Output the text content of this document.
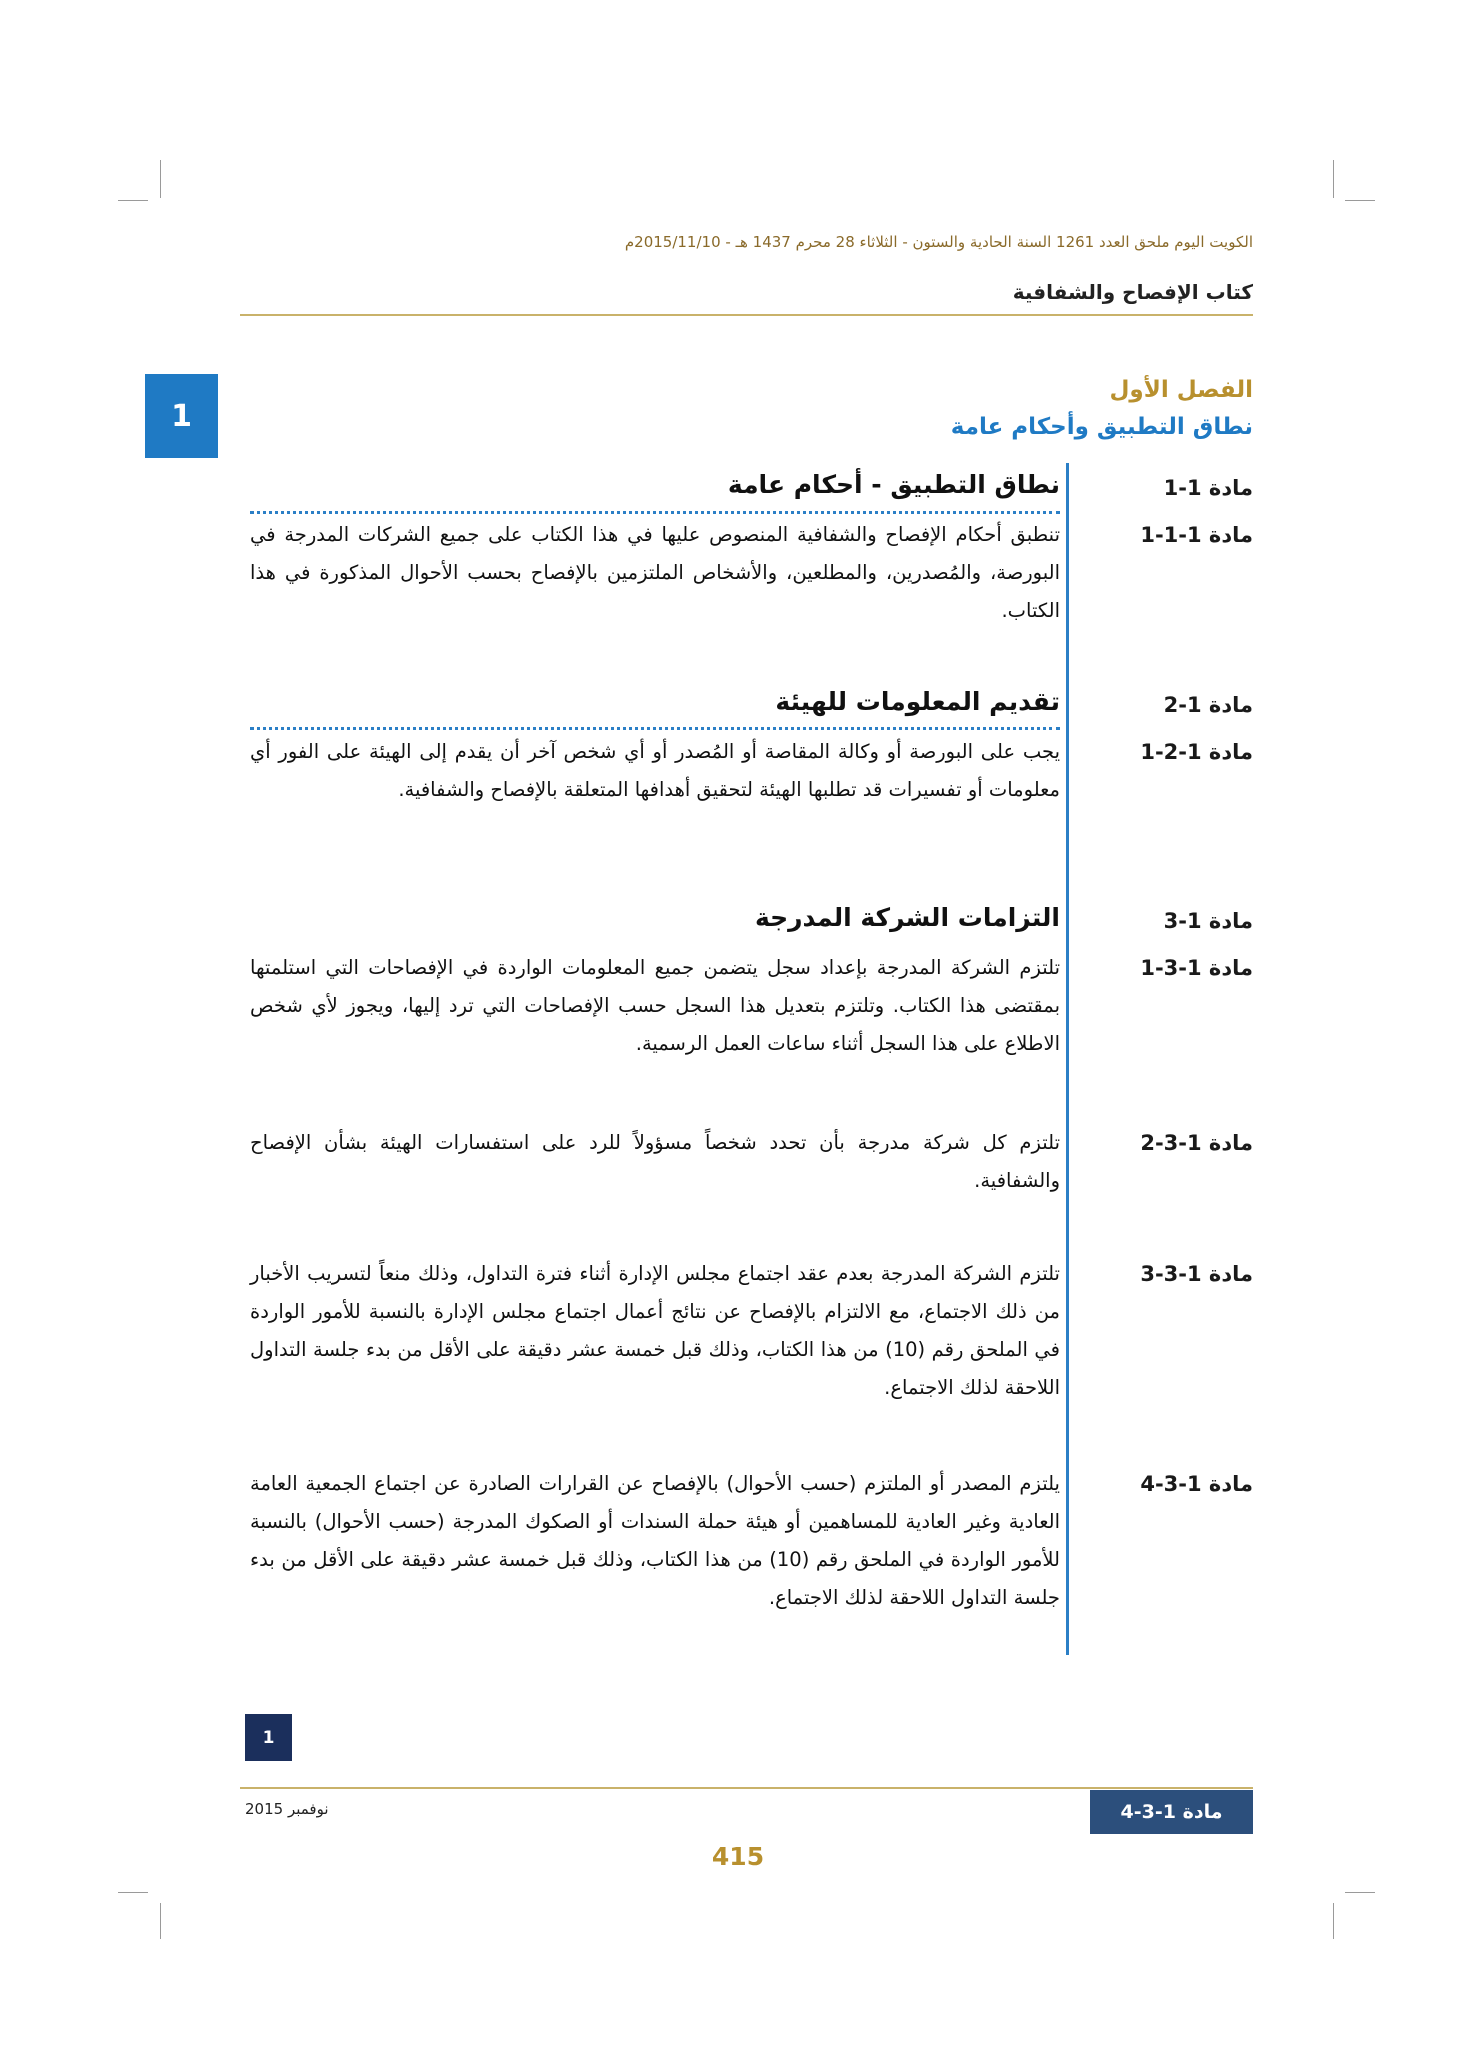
الكويت اليوم ملحق العدد 1261 السنة الحادية والستون - الثلاثاء 28 محرم 1437 هـ - 2015/11/10م
كتاب الإفصاح والشفافية
1
الفصل الأول
نطاق التطبيق وأحكام عامة
مادة 1-1
نطاق التطبيق - أحكام عامة
مادة 1-1-1
تنطبق أحكام الإفصاح والشفافية المنصوص عليها في هذا الكتاب على جميع الشركات المدرجة في البورصة، والمُصدرين، والمطلعين، والأشخاص الملتزمين بالإفصاح بحسب الأحوال المذكورة في هذا الكتاب.
مادة 1-2
تقديم المعلومات للهيئة
مادة 1-2-1
يجب على البورصة أو وكالة المقاصة أو المُصدر أو أي شخص آخر أن يقدم إلى الهيئة على الفور أي معلومات أو تفسيرات قد تطلبها الهيئة لتحقيق أهدافها المتعلقة بالإفصاح والشفافية.
مادة 1-3
التزامات الشركة المدرجة
مادة 1-3-1
تلتزم الشركة المدرجة بإعداد سجل يتضمن جميع المعلومات الواردة في الإفصاحات التي استلمتها بمقتضى هذا الكتاب. وتلتزم بتعديل هذا السجل حسب الإفصاحات التي ترد إليها، ويجوز لأي شخص الاطلاع على هذا السجل أثناء ساعات العمل الرسمية.
مادة 1-3-2
تلتزم كل شركة مدرجة بأن تحدد شخصاً مسؤولاً للرد على استفسارات الهيئة بشأن الإفصاح والشفافية.
مادة 1-3-3
تلتزم الشركة المدرجة بعدم عقد اجتماع مجلس الإدارة أثناء فترة التداول، وذلك منعاً لتسريب الأخبار من ذلك الاجتماع، مع الالتزام بالإفصاح عن نتائج أعمال اجتماع مجلس الإدارة بالنسبة للأمور الواردة في الملحق رقم (10) من هذا الكتاب، وذلك قبل خمسة عشر دقيقة على الأقل من بدء جلسة التداول اللاحقة لذلك الاجتماع.
مادة 1-3-4
يلتزم المصدر أو الملتزم (حسب الأحوال) بالإفصاح عن القرارات الصادرة عن اجتماع الجمعية العامة العادية وغير العادية للمساهمين أو هيئة حملة السندات أو الصكوك المدرجة (حسب الأحوال) بالنسبة للأمور الواردة في الملحق رقم (10) من هذا الكتاب، وذلك قبل خمسة عشر دقيقة على الأقل من بدء جلسة التداول اللاحقة لذلك الاجتماع.
1
نوفمبر 2015	مادة 1-3-4
415
